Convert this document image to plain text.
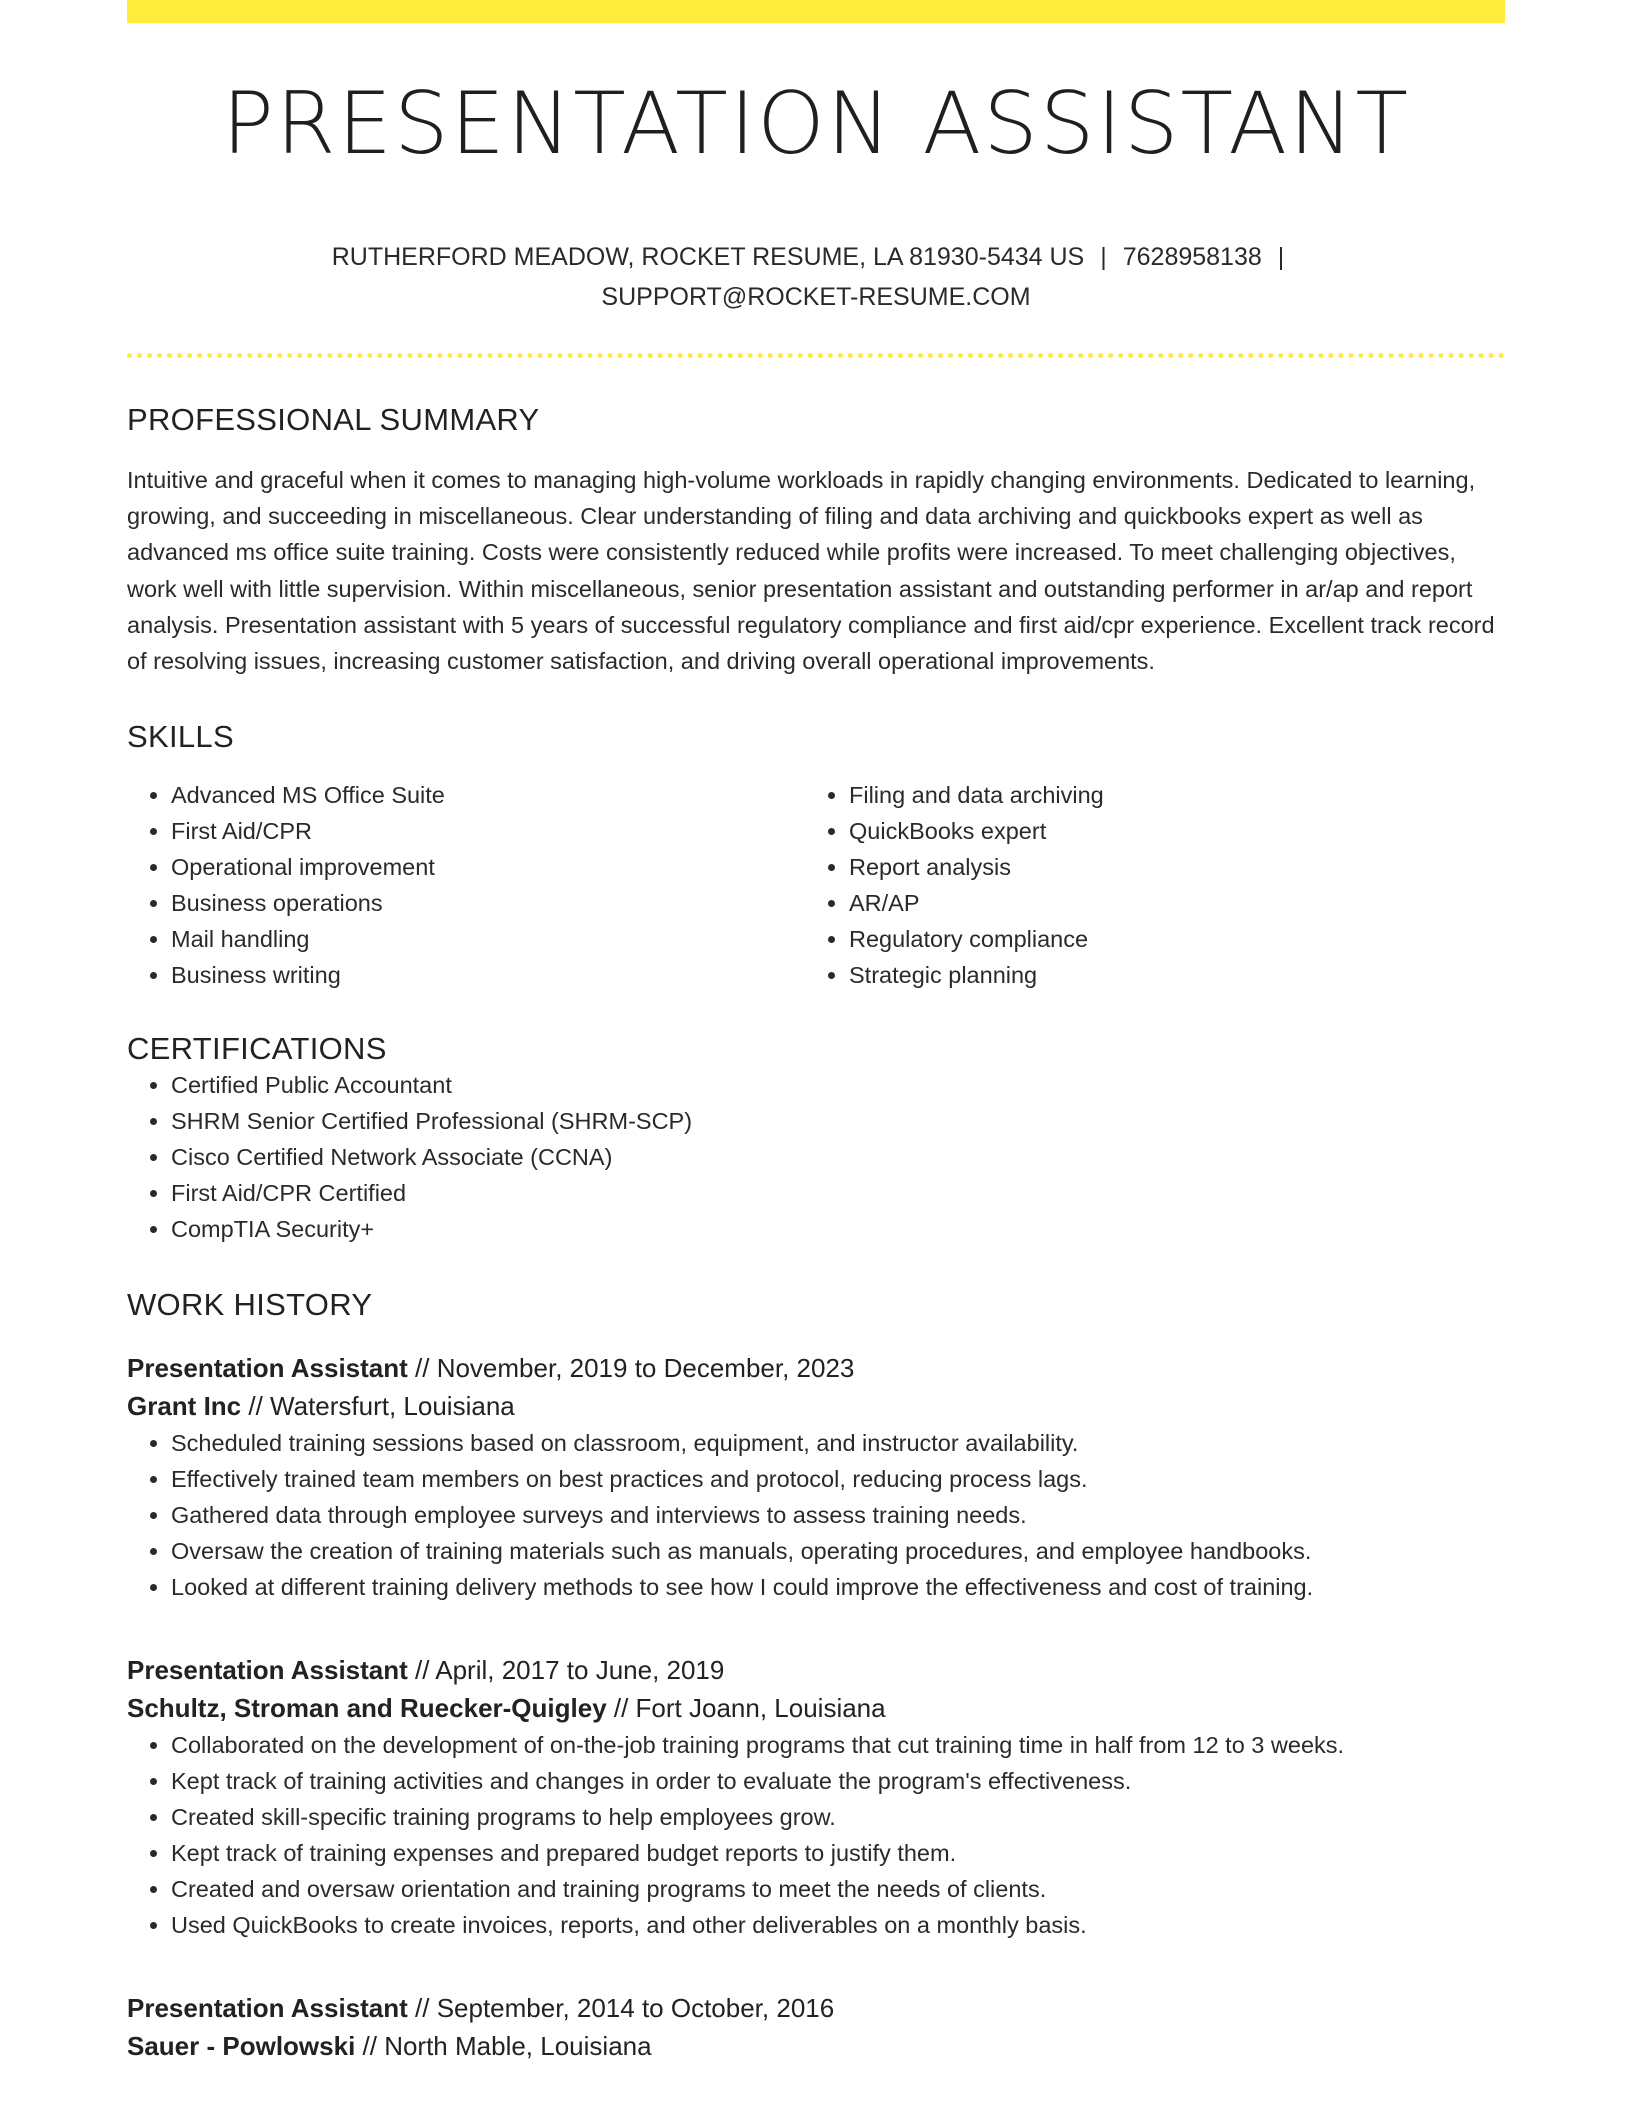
PRESENTATION ASSISTANT
RUTHERFORD MEADOW, ROCKET RESUME, LA 81930-5434 US | 7628958138 |
SUPPORT@ROCKET-RESUME.COM
PROFESSIONAL SUMMARY
Intuitive and graceful when it comes to managing high-volume workloads in rapidly changing environments. Dedicated to learning, growing, and succeeding in miscellaneous. Clear understanding of filing and data archiving and quickbooks expert as well as advanced ms office suite training. Costs were consistently reduced while profits were increased. To meet challenging objectives, work well with little supervision. Within miscellaneous, senior presentation assistant and outstanding performer in ar/ap and report analysis. Presentation assistant with 5 years of successful regulatory compliance and first aid/cpr experience. Excellent track record of resolving issues, increasing customer satisfaction, and driving overall operational improvements.
SKILLS
• Advanced MS Office Suite
• First Aid/CPR
• Operational improvement
• Business operations
• Mail handling
• Business writing
• Filing and data archiving
• QuickBooks expert
• Report analysis
• AR/AP
• Regulatory compliance
• Strategic planning
CERTIFICATIONS
• Certified Public Accountant
• SHRM Senior Certified Professional (SHRM-SCP)
• Cisco Certified Network Associate (CCNA)
• First Aid/CPR Certified
• CompTIA Security+
WORK HISTORY
Presentation Assistant // November, 2019 to December, 2023
Grant Inc // Watersfurt, Louisiana
• Scheduled training sessions based on classroom, equipment, and instructor availability.
• Effectively trained team members on best practices and protocol, reducing process lags.
• Gathered data through employee surveys and interviews to assess training needs.
• Oversaw the creation of training materials such as manuals, operating procedures, and employee handbooks.
• Looked at different training delivery methods to see how I could improve the effectiveness and cost of training.
Presentation Assistant // April, 2017 to June, 2019
Schultz, Stroman and Ruecker-Quigley // Fort Joann, Louisiana
• Collaborated on the development of on-the-job training programs that cut training time in half from 12 to 3 weeks.
• Kept track of training activities and changes in order to evaluate the program's effectiveness.
• Created skill-specific training programs to help employees grow.
• Kept track of training expenses and prepared budget reports to justify them.
• Created and oversaw orientation and training programs to meet the needs of clients.
• Used QuickBooks to create invoices, reports, and other deliverables on a monthly basis.
Presentation Assistant // September, 2014 to October, 2016
Sauer - Powlowski // North Mable, Louisiana
